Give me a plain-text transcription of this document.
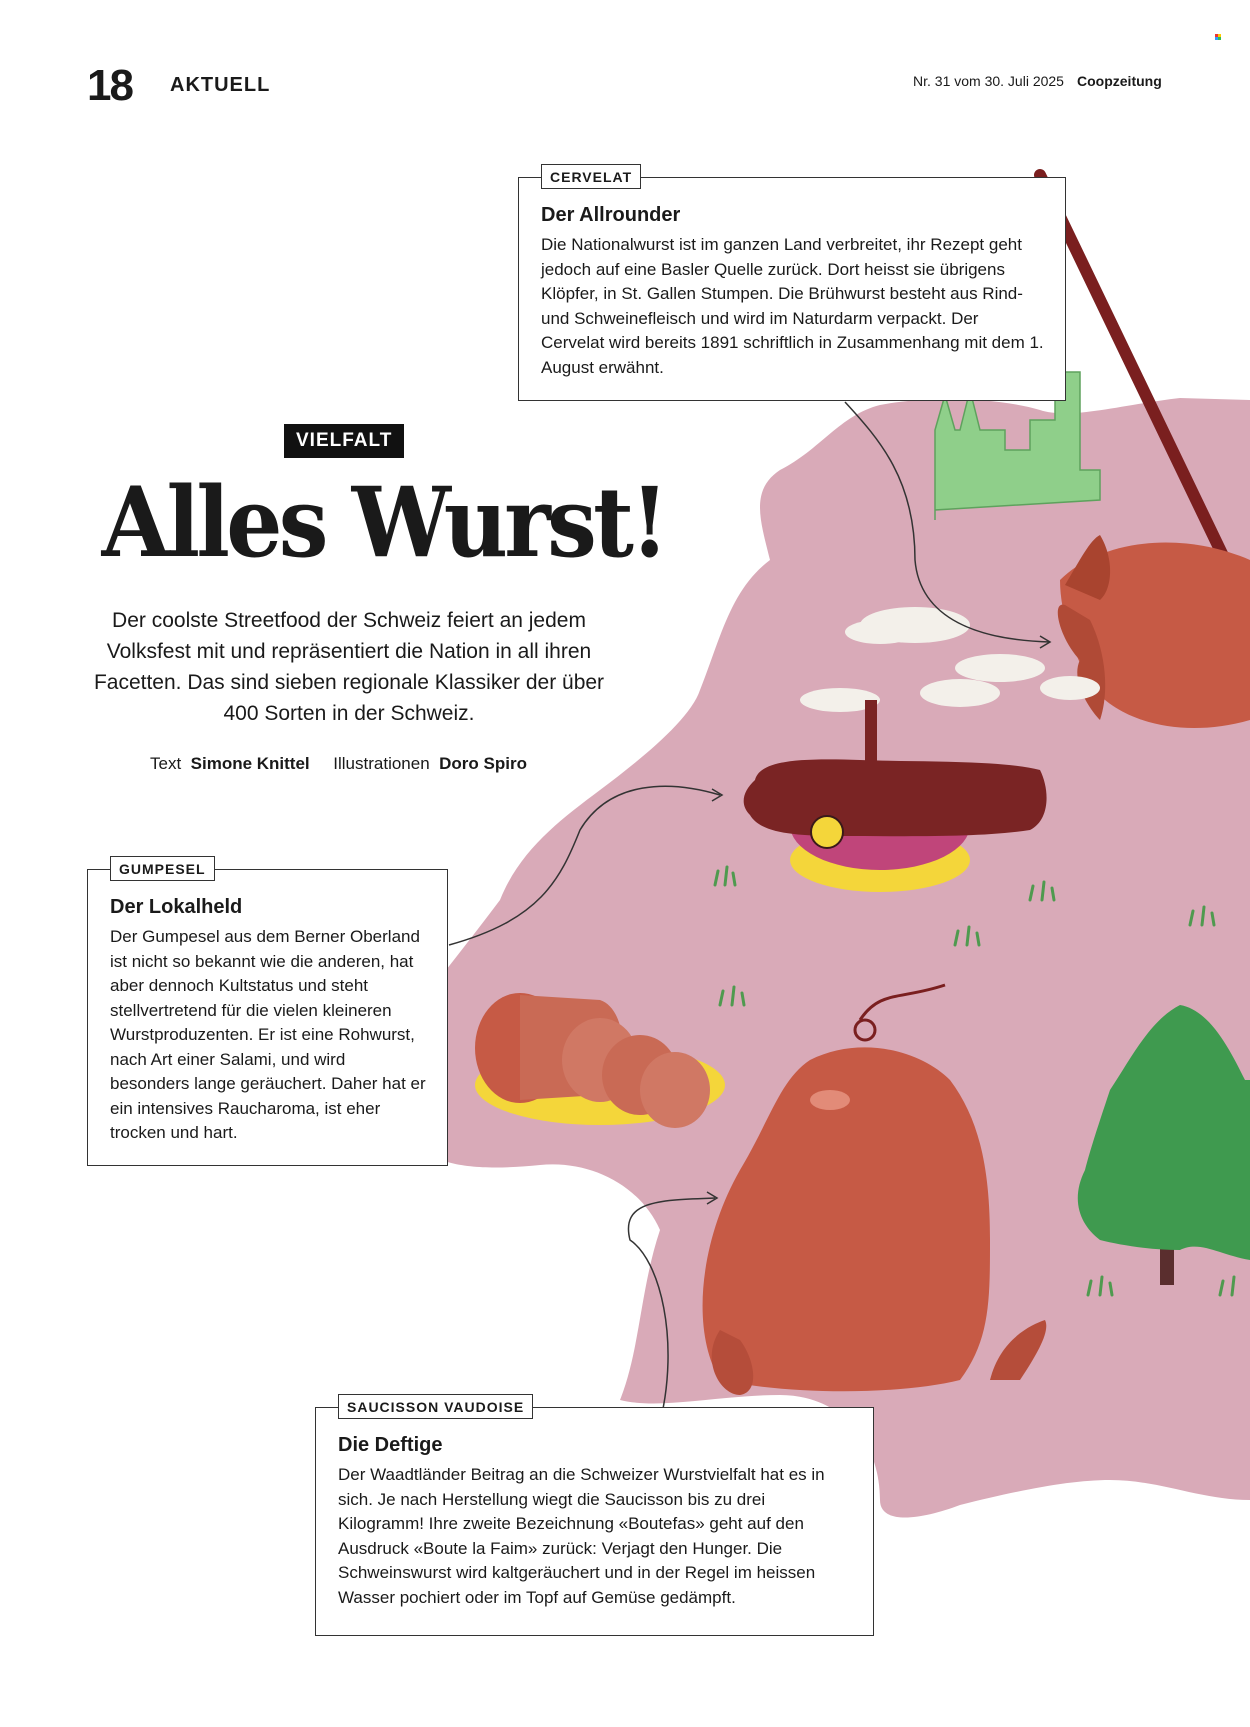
18 AKTUELL	Nr. 31 vom 30. Juli 2025 Coopzeitung
VIELFALT
Alles Wurst!
Der coolste Streetfood der Schweiz feiert an jedem Volksfest mit und repräsentiert die Nation in all ihren Facetten. Das sind sieben regionale Klassiker der über 400 Sorten in der Schweiz.
Text Simone Knittel Illustrationen Doro Spiro
CERVELAT
Der Allrounder

Die Nationalwurst ist im ganzen Land verbreitet, ihr Rezept geht jedoch auf eine Basler Quelle zurück. Dort heisst sie übrigens Klöpfer, in St. Gallen Stumpen. Die Brühwurst besteht aus Rind- und Schweinefleisch und wird im Naturdarm verpackt. Der Cervelat wird bereits 1891 schriftlich in Zusammenhang mit dem 1. August erwähnt.

GUMPESEL
Der Lokalheld

Der Gumpesel aus dem Berner Oberland ist nicht so bekannt wie die anderen, hat aber dennoch Kultstatus und steht stellvertretend für die vielen kleineren Wurstproduzenten. Er ist eine Rohwurst, nach Art einer Salami, und wird besonders lange geräuchert. Daher hat er ein intensives Raucharoma, ist eher trocken und hart.

SAUCISSON VAUDOISE
Die Deftige

Der Waadtländer Beitrag an die Schweizer Wurstvielfalt hat es in sich. Je nach Herstellung wiegt die Saucisson bis zu drei Kilogramm! Ihre zweite Bezeichnung «Boutefas» geht auf den Ausdruck «Boute la Faim» zurück: Verjagt den Hunger. Die Schweinswurst wird kaltgeräuchert und in der Regel im heissen Wasser pochiert oder im Topf auf Gemüse gedämpft.
